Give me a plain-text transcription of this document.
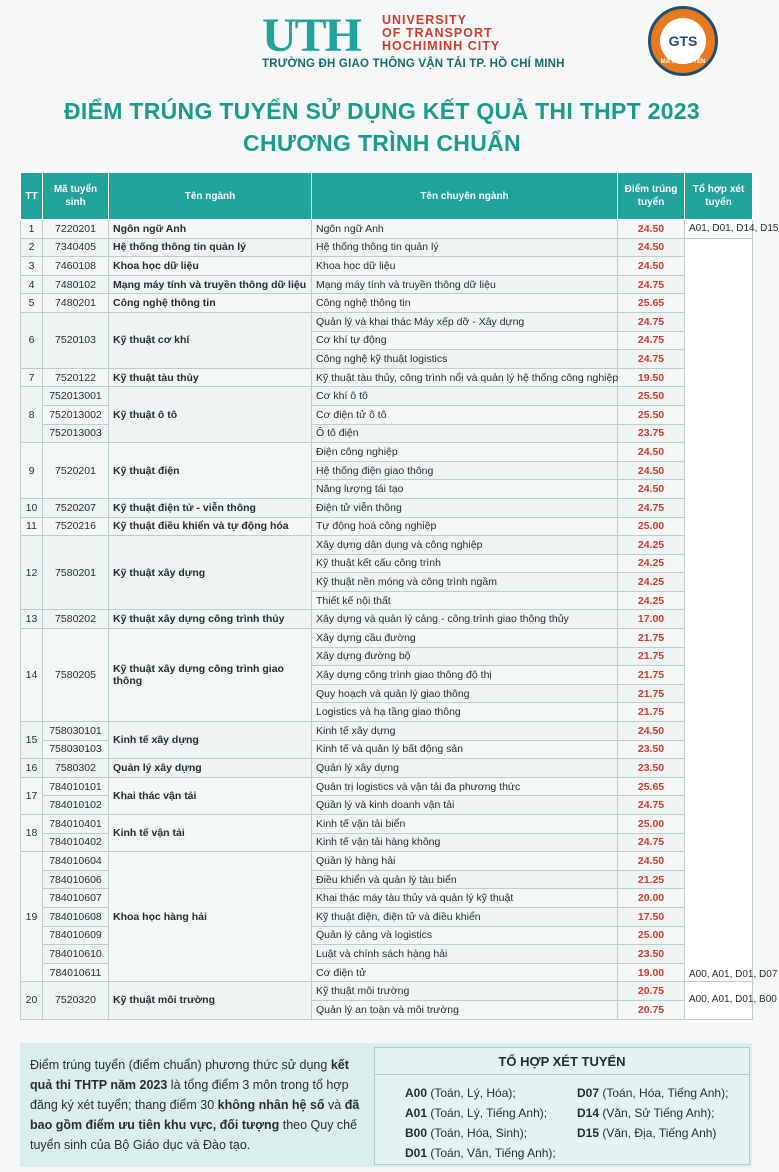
UTH UNIVERSITY
OF TRANSPORT
HOCHIMINH CITY
TRƯỜNG ĐH GIAO THÔNG VẬN TẢI TP. HỒ CHÍ MINH
GTS
MÃ XÉT TUYỂN
ĐIỂM TRÚNG TUYỂN SỬ DỤNG KẾT QUẢ THI THPT 2023
CHƯƠNG TRÌNH CHUẨN
TT	Mã tuyển sinh	Tên ngành	Tên chuyên ngành	Điểm trúng tuyển	Tổ hợp xét tuyển
1	7220201	Ngôn ngữ Anh	Ngôn ngữ Anh	24.50	A01, D01, D14, D15
2	7340405	Hệ thống thông tin quản lý	Hệ thống thông tin quản lý	24.50	A00, A01, D01, D07
3	7460108	Khoa học dữ liệu	Khoa học dữ liệu	24.50	
4	7480102	Mạng máy tính và truyền thông dữ liệu	Mạng máy tính và truyền thông dữ liệu	24.75	
5	7480201	Công nghệ thông tin	Công nghệ thông tin	25.65	
6	7520103	Kỹ thuật cơ khí	Quản lý và khai thác Máy xếp dỡ - Xây dựng	24.75	
			Cơ khí tự động	24.75	
			Công nghệ kỹ thuật logistics	24.75	
7	7520122	Kỹ thuật tàu thủy	Kỹ thuật tàu thủy, công trình nổi và quản lý hệ thống công nghiệp	19.50	
8	752013001	Kỹ thuật ô tô	Cơ khí ô tô	25.50	
	752013002		Cơ điện tử ô tô	25.50	
	752013003		Ô tô điện	23.75	
9	7520201	Kỹ thuật điện	Điện công nghiệp	24.50	
			Hệ thống điện giao thông	24.50	
			Năng lượng tái tạo	24.50	
10	7520207	Kỹ thuật điện tử - viễn thông	Điện tử viễn thông	24.75	
11	7520216	Kỹ thuật điều khiển và tự động hóa	Tự động hoá công nghiệp	25.00	
12	7580201	Kỹ thuật xây dựng	Xây dựng dân dụng và công nghiệp	24.25	
			Kỹ thuật kết cấu công trình	24.25	
			Kỹ thuật nền móng và công trình ngầm	24.25	
			Thiết kế nội thất	24.25	
13	7580202	Kỹ thuật xây dựng công trình thủy	Xây dựng và quản lý cảng - công trình giao thông thủy	17.00	
14	7580205	Kỹ thuật xây dựng công trình giao thông	Xây dựng cầu đường	21.75	
			Xây dựng đường bộ	21.75	
			Xây dựng công trình giao thông đô thị	21.75	
			Quy hoạch và quản lý giao thông	21.75	
			Logistics và hạ tầng giao thông	21.75	
15	758030101	Kinh tế xây dựng	Kinh tế xây dựng	24.50	
	758030103		Kinh tế và quản lý bất động sản	23.50	
16	7580302	Quản lý xây dựng	Quản lý xây dựng	23.50	
17	784010101	Khai thác vận tải	Quản trị logistics và vận tải đa phương thức	25.65	
	784010102		Quản lý và kinh doanh vận tải	24.75	
18	784010401	Kinh tế vận tải	Kinh tế vận tải biển	25.00	
	784010402		Kinh tế vận tải hàng không	24.75	
19	784010604	Khoa học hàng hải	Quản lý hàng hải	24.50	
	784010606		Điều khiển và quản lý tàu biển	21.25	
	784010607		Khai thác máy tàu thủy và quản lý kỹ thuật	20.00	
	784010608		Kỹ thuật điện, điện tử và điều khiển	17.50	
	784010609		Quản lý cảng và logistics	25.00	
	784010610		Luật và chính sách hàng hải	23.50	
	784010611		Cơ điện tử	19.00	
20	7520320	Kỹ thuật môi trường	Kỹ thuật môi trường	20.75	A00, A01, D01, B00
			Quản lý an toàn và môi trường	20.75	
Điểm trúng tuyển (điểm chuẩn) phương thức sử dụng kết quả thi THTP năm 2023 là tổng điểm 3 môn trong tổ hợp đăng ký xét tuyển; thang điểm 30 không nhân hệ số và đã bao gồm điểm ưu tiên khu vực, đối tượng theo Quy chế tuyển sinh của Bộ Giáo dục và Đào tạo.
TỔ HỢP XÉT TUYỂN
A00 (Toán, Lý, Hóa);
A01 (Toán, Lý, Tiếng Anh);
B00 (Toán, Hóa, Sinh);
D01 (Toán, Văn, Tiếng Anh);
D07 (Toán, Hóa, Tiếng Anh);
D14 (Văn, Sử Tiếng Anh);
D15 (Văn, Địa, Tiếng Anh)
